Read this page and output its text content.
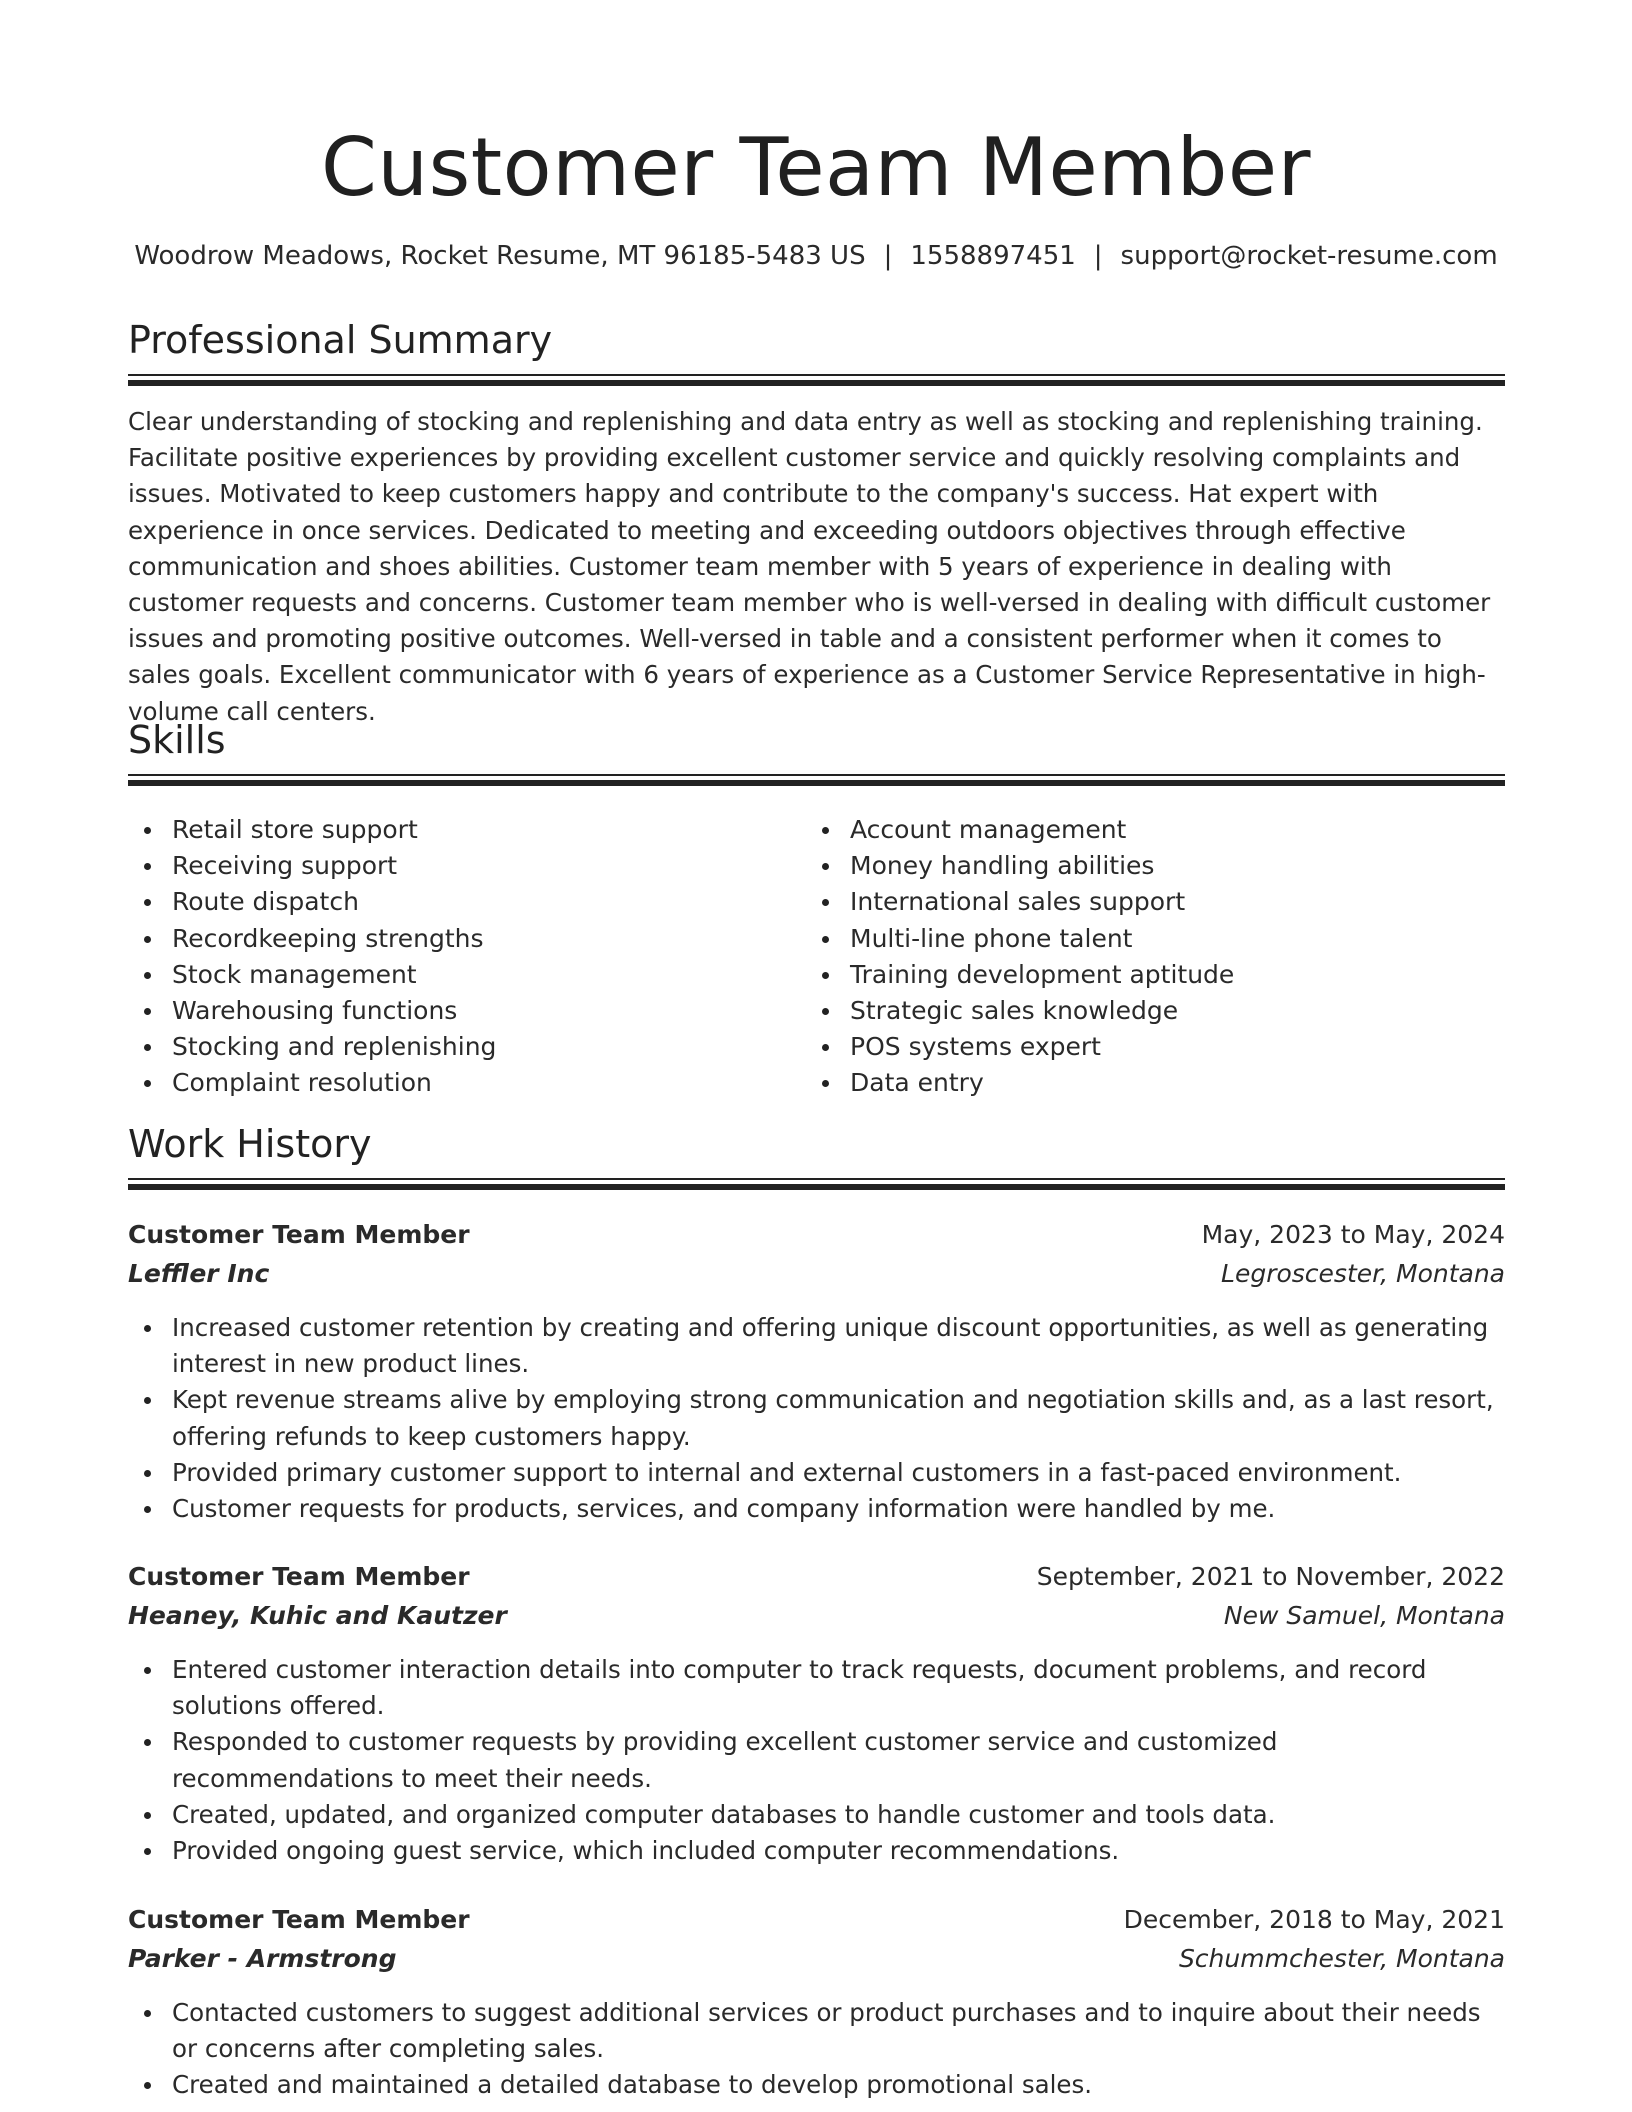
Customer Team Member
Woodrow Meadows, Rocket Resume, MT 96185-5483 US | 1558897451 | support@rocket-resume.com
Professional Summary
Clear understanding of stocking and replenishing and data entry as well as stocking and replenishing training. Facilitate positive experiences by providing excellent customer service and quickly resolving complaints and issues. Motivated to keep customers happy and contribute to the company's success. Hat expert with experience in once services. Dedicated to meeting and exceeding outdoors objectives through effective communication and shoes abilities. Customer team member with 5 years of experience in dealing with customer requests and concerns. Customer team member who is well-versed in dealing with difficult customer issues and promoting positive outcomes. Well-versed in table and a consistent performer when it comes to sales goals. Excellent communicator with 6 years of experience as a Customer Service Representative in high-volume call centers.
Skills
Retail store support
Receiving support
Route dispatch
Recordkeeping strengths
Stock management
Warehousing functions
Stocking and replenishing
Complaint resolution
Account management
Money handling abilities
International sales support
Multi-line phone talent
Training development aptitude
Strategic sales knowledge
POS systems expert
Data entry
Work History
Customer Team Member	May, 2023 to May, 2024
Leffler Inc	Legroscester, Montana
Increased customer retention by creating and offering unique discount opportunities, as well as generating interest in new product lines.
Kept revenue streams alive by employing strong communication and negotiation skills and, as a last resort, offering refunds to keep customers happy.
Provided primary customer support to internal and external customers in a fast-paced environment.
Customer requests for products, services, and company information were handled by me.
Customer Team Member	September, 2021 to November, 2022
Heaney, Kuhic and Kautzer	New Samuel, Montana
Entered customer interaction details into computer to track requests, document problems, and record solutions offered.
Responded to customer requests by providing excellent customer service and customized recommendations to meet their needs.
Created, updated, and organized computer databases to handle customer and tools data.
Provided ongoing guest service, which included computer recommendations.
Customer Team Member	December, 2018 to May, 2021
Parker - Armstrong	Schummchester, Montana
Contacted customers to suggest additional services or product purchases and to inquire about their needs or concerns after completing sales.
Created and maintained a detailed database to develop promotional sales.
